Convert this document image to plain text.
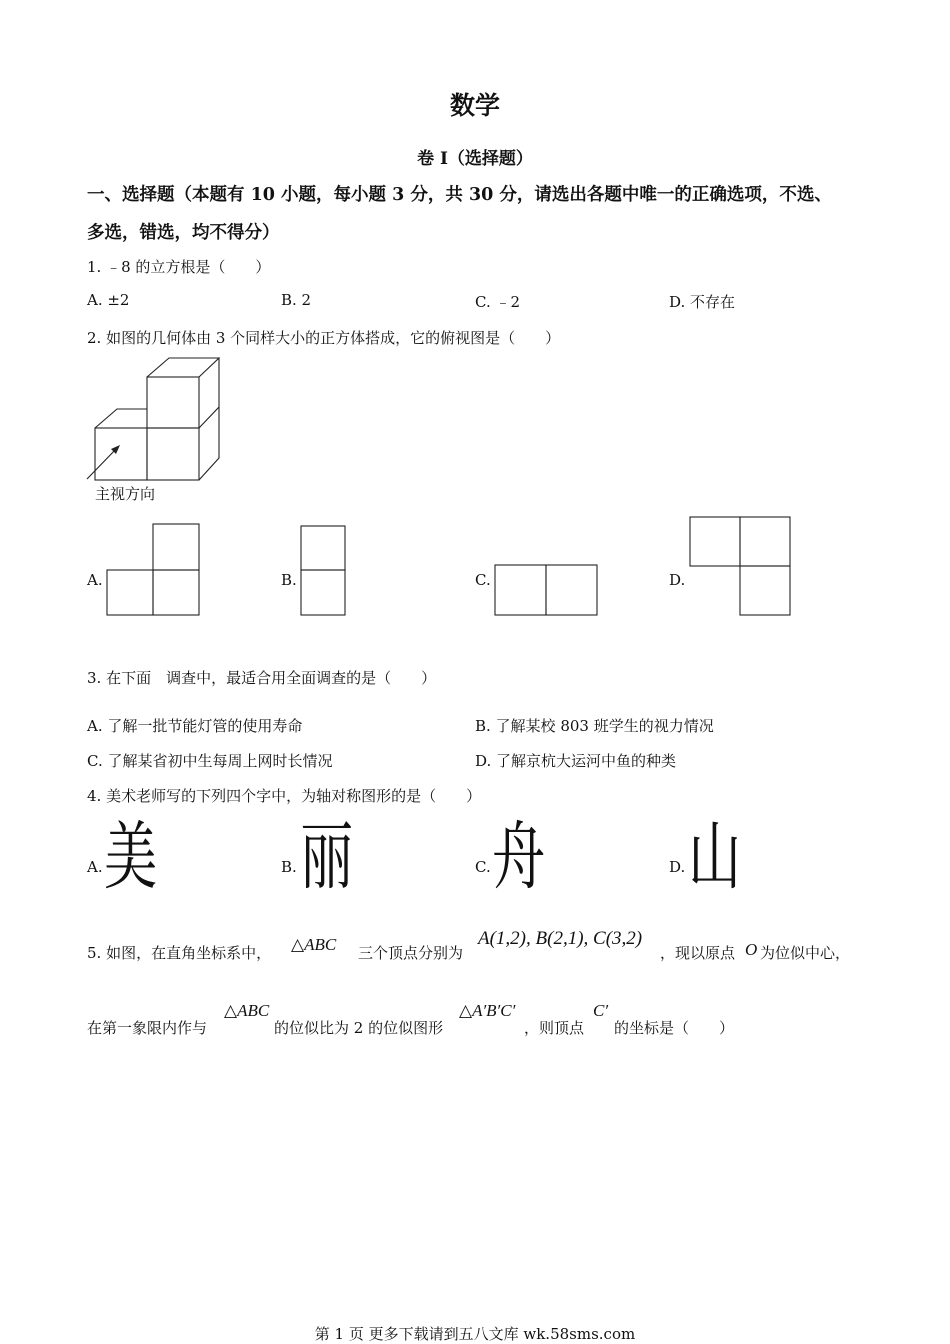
数学
卷 I（选择题）
一、选择题（本题有 10 小题，每小题 3 分，共 30 分，请选出各题中唯一的正确选项，不选、
多选，错选，均不得分）
1. ﹣8 的立方根是（　　）
A. ±2	B. 2	C. ﹣2	D. 不存在
2. 如图的几何体由 3 个同样大小的正方体搭成，它的俯视图是（　　）
主视方向
A.	B.	C.	D.
3. 在下面　调查中，最适合用全面调查的是（　　）
A. 了解一批节能灯管的使用寿命	B. 了解某校 803 班学生的视力情况
C. 了解某省初中生每周上网时长情况	D. 了解京杭大运河中鱼的种类
4. 美术老师写的下列四个字中，为轴对称图形的是（　　）
A. 美	B. 丽	C. 舟	D. 山
5. 如图，在直角坐标系中， △ABC 三个顶点分别为
A(1,2), B(2,1), C(3,2)
，现以原点 O 为位似中心，
在第一象限内作与
△ABC
的位似比为 2 的位似图形
△A′B′C′
，则顶点
C′
的坐标是（　　）
第 1 页 更多下载请到五八文库 wk.58sms.com
